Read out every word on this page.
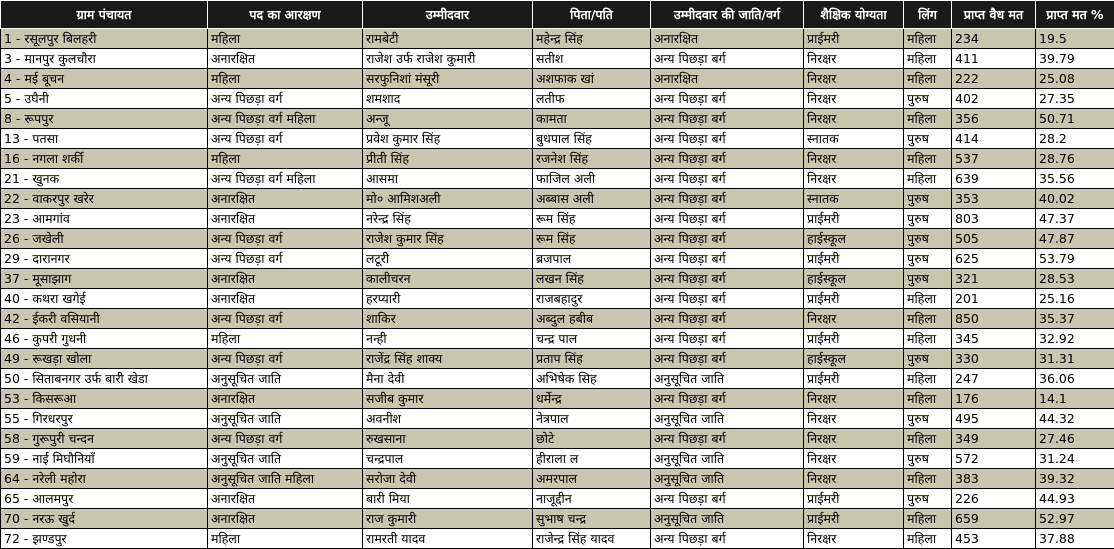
ग्राम पंचायत	पद का आरक्षण	उम्मीदवार	पिता/पति	उम्मीदवार की जाति/वर्ग	शैक्षिक योग्यता	लिंग	प्राप्त वैध मत	प्राप्त मत %
1 - रसूलपुर बिलहरी	महिला	रामबेटी	महेन्द्र सिंह	अनारक्षित	प्राईमरी	महिला	234	19.5
3 - मानपुर कुलचौरा	अनारक्षित	राजेश उर्फ राजेश कुमारी	सतीश	अन्य पिछड़ा बर्ग	निरक्षर	महिला	411	39.79
4 - मई बूचन	महिला	सरफुनिशां मंसूरी	अशफाक खां	अनारक्षित	निरक्षर	महिला	222	25.08
5 - उघैनी	अन्य पिछड़ा वर्ग	शमशाद	लतीफ	अन्य पिछड़ा बर्ग	निरक्षर	पुरुष	402	27.35
8 - रूपपुर	अन्य पिछड़ा वर्ग महिला	अन्जू	कामता	अन्य पिछड़ा बर्ग	निरक्षर	महिला	356	50.71
13 - पतसा	अन्य पिछड़ा वर्ग	प्रवेश कुमार सिंह	बुधपाल सिंह	अन्य पिछड़ा बर्ग	स्नातक	पुरुष	414	28.2
16 - नगला शर्की	महिला	प्रीती सिंह	रजनेश सिंह	अन्य पिछड़ा बर्ग	निरक्षर	महिला	537	28.76
21 - खुनक	अन्य पिछड़ा वर्ग महिला	आसमा	फाजिल अली	अन्य पिछड़ा बर्ग	निरक्षर	महिला	639	35.56
22 - वाकरपुर खरेर	अनारक्षित	मो० आमिशअली	अब्बास अली	अन्य पिछड़ा बर्ग	स्नातक	पुरुष	353	40.02
23 - आमगांव	अनारक्षित	नरेन्द्र सिंह	रूम सिंह	अन्य पिछड़ा बर्ग	प्राईमरी	पुरुष	803	47.37
26 - जखेली	अन्य पिछड़ा वर्ग	राजेश कुमार सिंह	रूम सिंह	अन्य पिछड़ा बर्ग	हाईस्कूल	पुरुष	505	47.87
29 - दारानगर	अन्य पिछड़ा वर्ग	लटूरी	ब्रजपाल	अन्य पिछड़ा बर्ग	प्राईमरी	पुरुष	625	53.79
37 - मूसाझाग	अनारक्षित	कालीचरन	लखन सिंह	अन्य पिछड़ा बर्ग	हाईस्कूल	पुरुष	321	28.53
40 - कथरा खगेई	अनारक्षित	हरप्यारी	राजबहादुर	अन्य पिछड़ा बर्ग	प्राईमरी	महिला	201	25.16
42 - ईकरी वसियानी	अन्य पिछड़ा वर्ग	शाकिर	अब्दुल हबीब	अन्य पिछड़ा बर्ग	निरक्षर	महिला	850	35.37
46 - कुपरी गुधनी	महिला	नन्ही	चन्द्र पाल	अन्य पिछड़ा बर्ग	प्राईमरी	महिला	345	32.92
49 - रूखड़ा खोला	अन्य पिछड़ा वर्ग	राजेंद्र सिंह शाक्य	प्रताप सिंह	अन्य पिछड़ा बर्ग	हाईस्कूल	पुरुष	330	31.31
50 - सिताबनगर उर्फ बारी खेडा	अनुसूचित जाति	मैना देवी	अभिषेक सिह	अनुसूचित जाति	प्राईमरी	महिला	247	36.06
53 - किसरूआ	अनारक्षित	सजीब कुमार	धर्मेन्द्र	अन्य पिछड़ा बर्ग	निरक्षर	महिला	176	14.1
55 - गिरधरपुर	अनुसूचित जाति	अवनीश	नेत्रपाल	अनुसूचित जाति	निरक्षर	पुरुष	495	44.32
58 - गुरूपुरी चन्दन	अन्य पिछड़ा वर्ग	रुखसाना	छोटे	अन्य पिछड़ा बर्ग	निरक्षर	महिला	349	27.46
59 - नाई मिघौनियाँ	अनुसूचित जाति	चन्द्रपाल	हीराला ल	अनुसूचित जाति	निरक्षर	पुरुष	572	31.24
64 - नरेली महोरा	अनुसूचित जाति महिला	सरोजा देवी	अमरपाल	अनुसूचित जाति	निरक्षर	महिला	383	39.32
65 - आलमपुर	अनारक्षित	बारी मिया	नाजूद्दीन	अन्य पिछड़ा बर्ग	प्राईमरी	पुरुष	226	44.93
70 - नरऊ खुर्द	अनारक्षित	राज कुमारी	सुभाष चन्द्र	अनुसूचित जाति	प्राईमरी	महिला	659	52.97
72 - झण्डपुर	महिला	रामरती यादव	राजेन्द्र सिंह यादव	अन्य पिछड़ा बर्ग	निरक्षर	महिला	453	37.88
